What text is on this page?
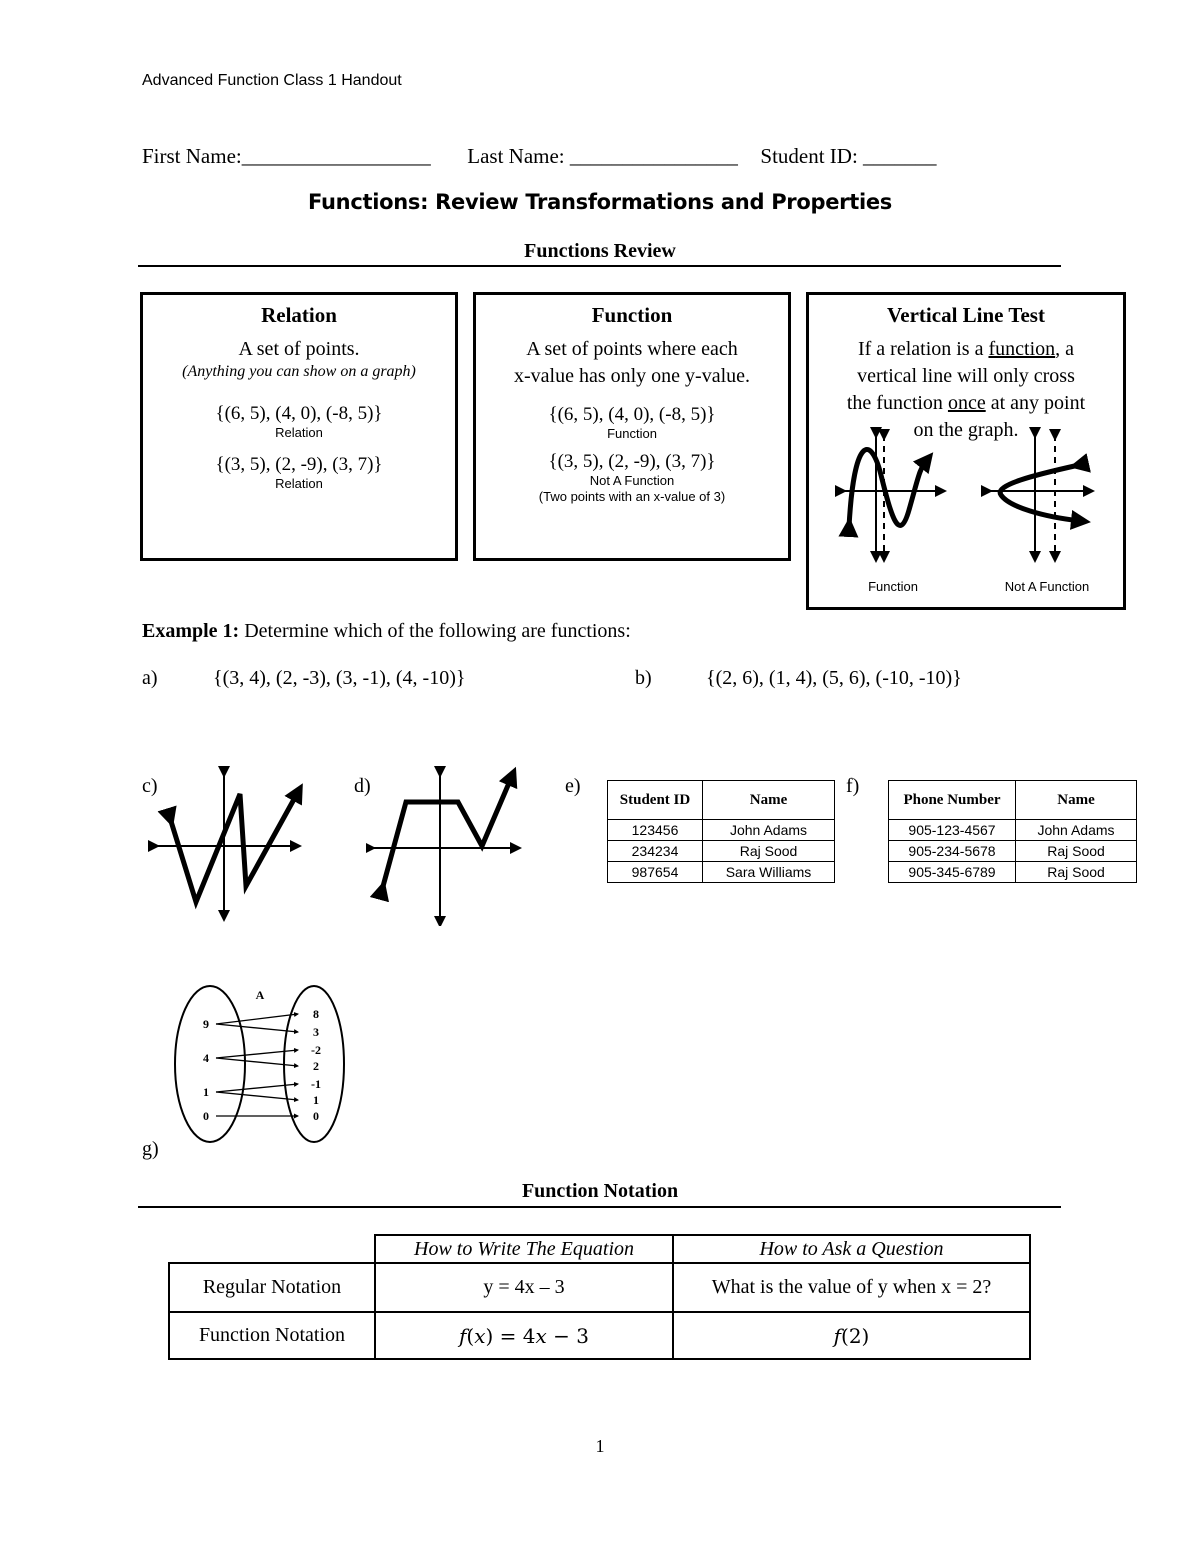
Advanced Function Class 1 Handout
First Name:__________________ Last Name: ________________ Student ID: _______
Functions: Review Transformations and Properties
Functions Review
Relation
A set of points.
(Anything you can show on a graph)
{(6, 5), (4, 0), (-8, 5)}
Relation
{(3, 5), (2, -9), (3, 7)}
Relation
Function
A set of points where each
x-value has only one y-value.
{(6, 5), (4, 0), (-8, 5)}
Function
{(3, 5), (2, -9), (3, 7)}
Not A Function
(Two points with an x-value of 3)
Vertical Line Test
If a relation is a function, a
vertical line will only cross
the function once at any point
on the graph.
Function	Not A Function
Example 1: Determine which of the following are functions:
a)	{(3, 4), (2, -3), (3, -1), (4, -10)}	b)	{(2, 6), (1, 4), (5, 6), (-10, -10)}
c)	d)	e)	f)
g)
Student ID	Name
123456	John Adams
234234	Raj Sood
987654	Sara Williams
Phone Number	Name
905-123-4567	John Adams
905-234-5678	Raj Sood
905-345-6789	Raj Sood
A
9
4
1
0
8
3
-2
2
-1
1
0
Function Notation
	How to Write The Equation	How to Ask a Question
Regular Notation	y = 4x – 3	What is the value of y when x = 2?
Function Notation	𝑓(𝑥) = 4𝑥 − 3	𝑓(2)
1
